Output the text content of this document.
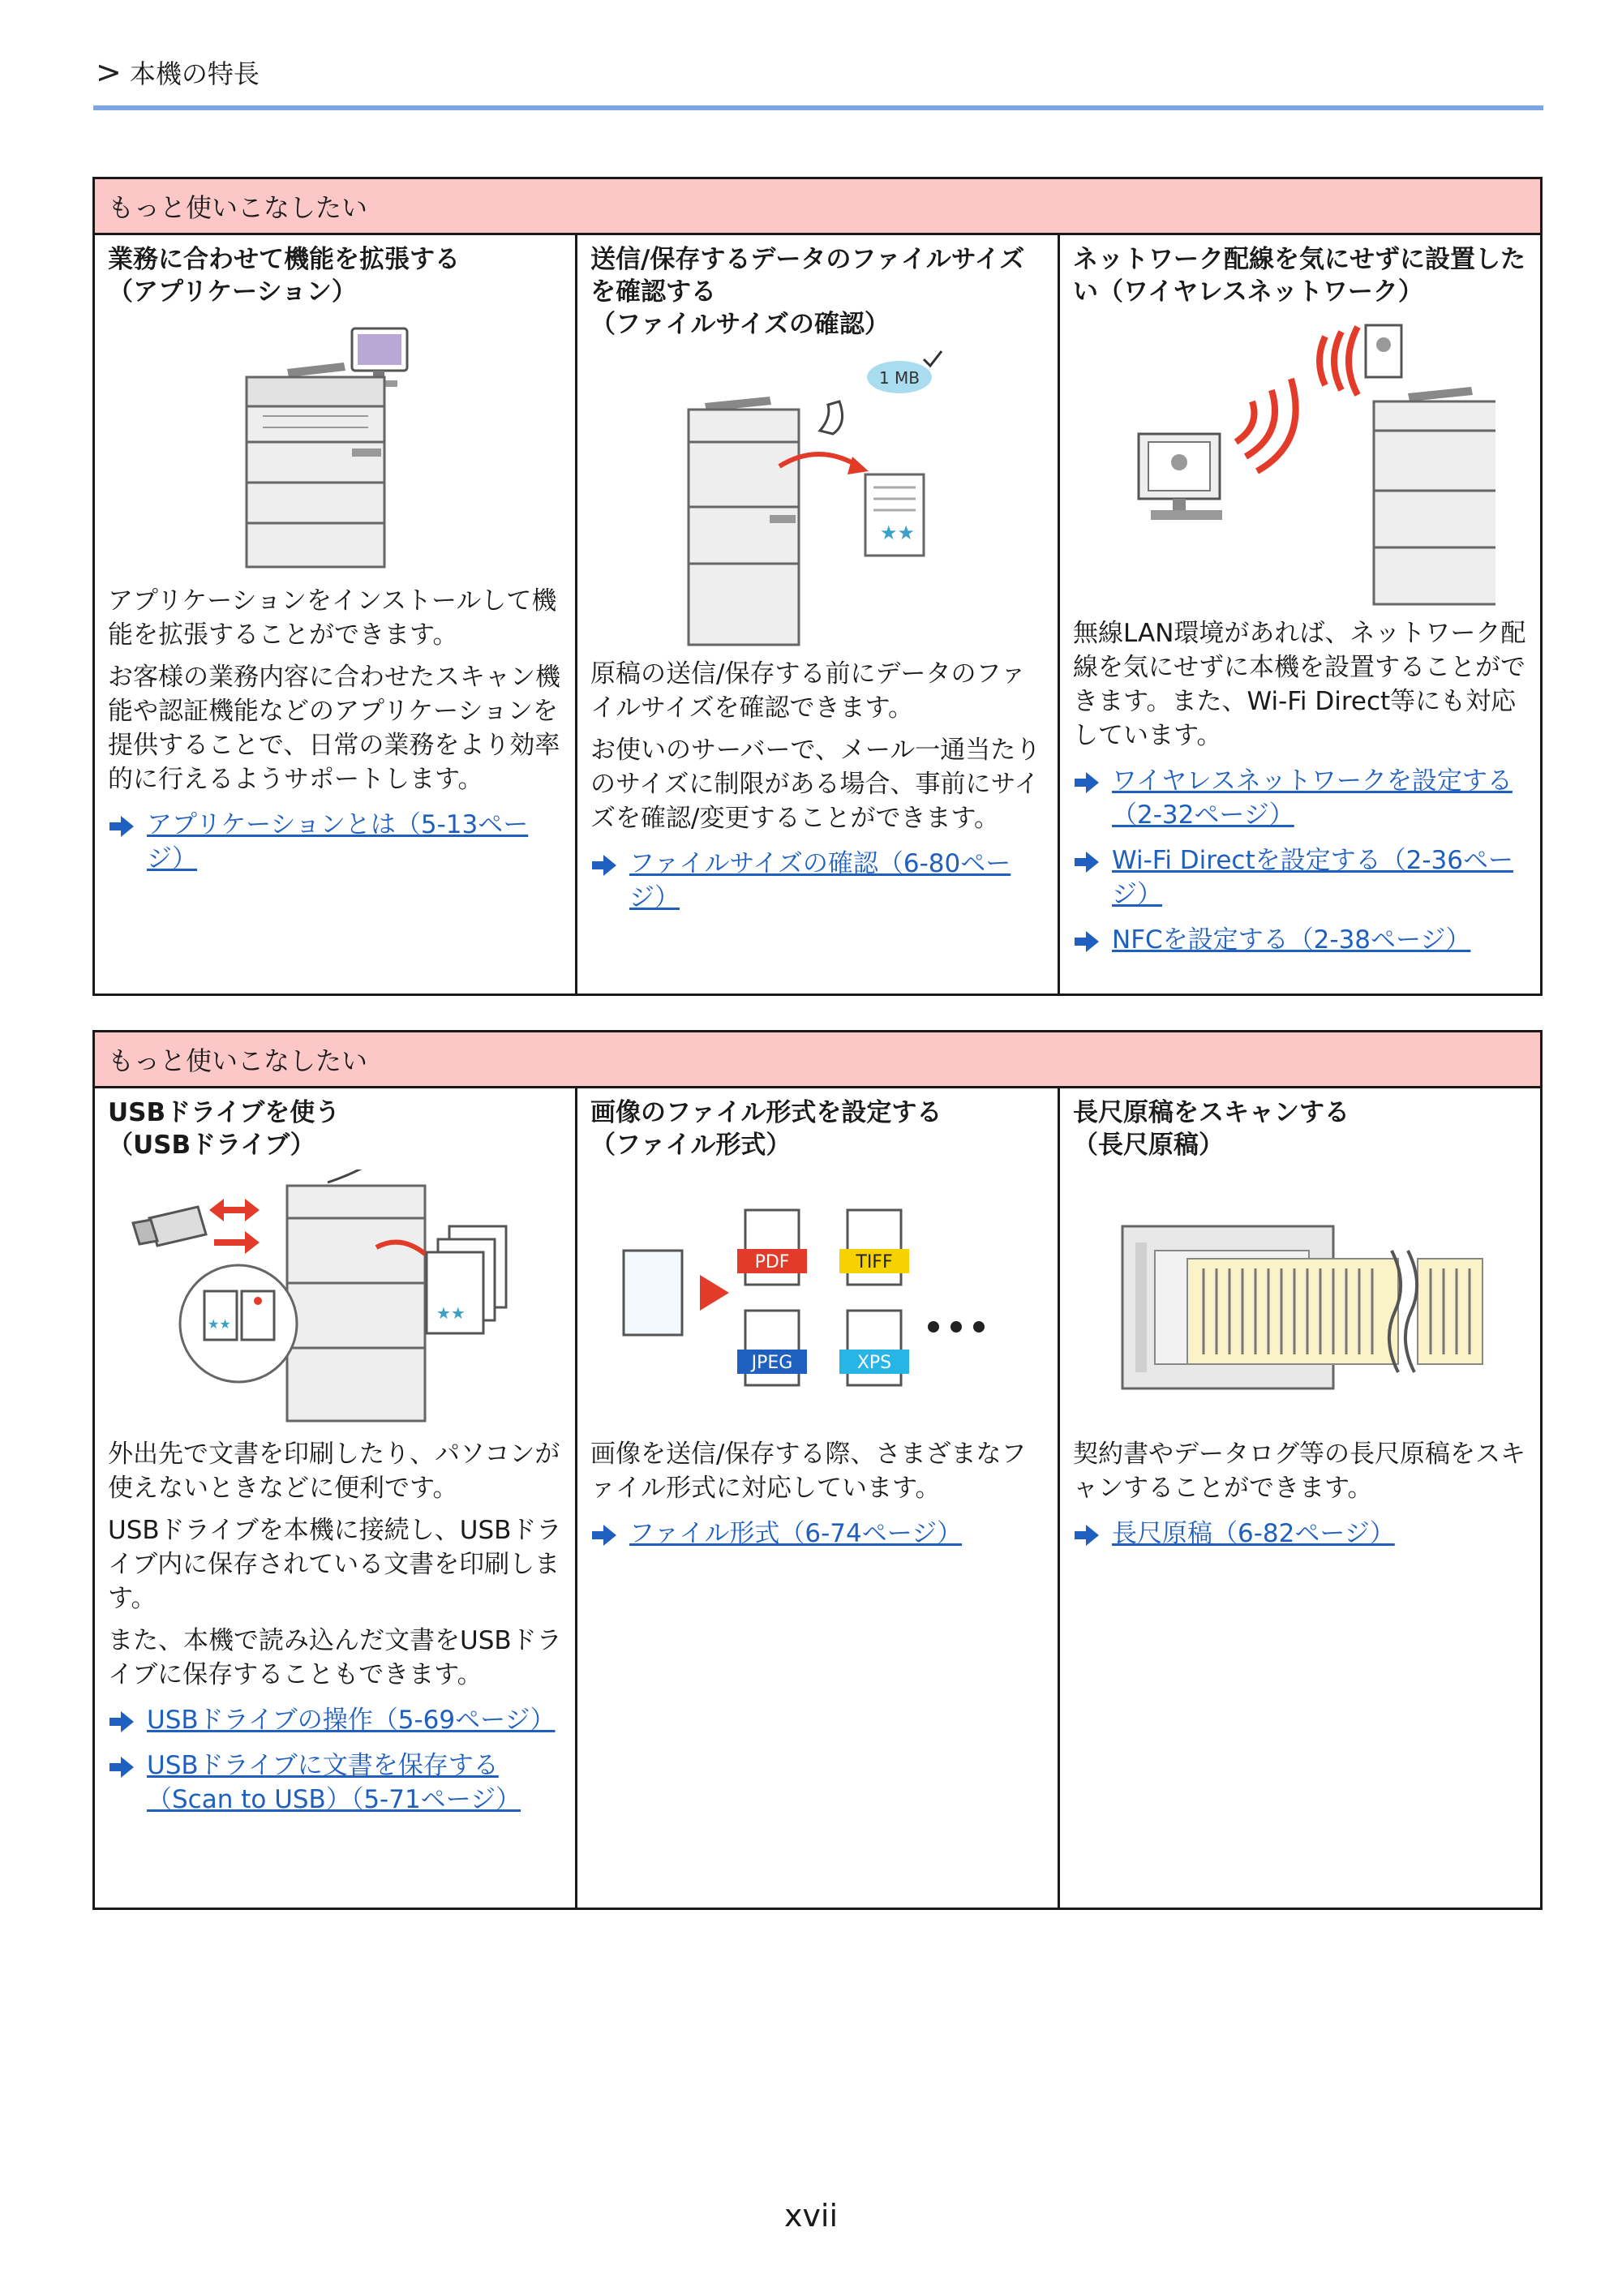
> 本機の特長
もっと使いこなしたい

業務に合わせて機能を拡張する
（アプリケーション）

アプリケーションをインストールして機能を拡張することができます。

お客様の業務内容に合わせたスキャン機能や認証機能などのアプリケーションを提供することで、日常の業務をより効率的に行えるようサポートします。

アプリケーションとは（5-13ページ）

送信/保存するデータのファイルサイズを確認する
（ファイルサイズの確認）
★★
1 MB

原稿の送信/保存する前にデータのファイルサイズを確認できます。

お使いのサーバーで、メール一通当たりのサイズに制限がある場合、事前にサイズを確認/変更することができます。

ファイルサイズの確認（6-80ページ）

ネットワーク配線を気にせずに設置したい（ワイヤレスネットワーク）

無線LAN環境があれば、ネットワーク配線を気にせずに本機を設置することができます。また、Wi-Fi Direct等にも対応しています。

ワイヤレスネットワークを設定する（2-32ページ）
Wi-Fi Directを設定する（2-36ページ）
NFCを設定する（2-38ページ）
もっと使いこなしたい

USBドライブを使う
（USBドライブ）
★★
★★

外出先で文書を印刷したり、パソコンが使えないときなどに便利です。

USBドライブを本機に接続し、USBドライブ内に保存されている文書を印刷します。

また、本機で読み込んだ文書をUSBドライブに保存することもできます。

USBドライブの操作（5-69ページ）
USBドライブに文書を保存する（Scan to USB）（5-71ページ）

画像のファイル形式を設定する
（ファイル形式）
PDF	TIFF
JPEG	XPS

画像を送信/保存する際、さまざまなファイル形式に対応しています。

ファイル形式（6-74ページ）

長尺原稿をスキャンする
（長尺原稿）

契約書やデータログ等の長尺原稿をスキャンすることができます。

長尺原稿（6-82ページ）
xvii
